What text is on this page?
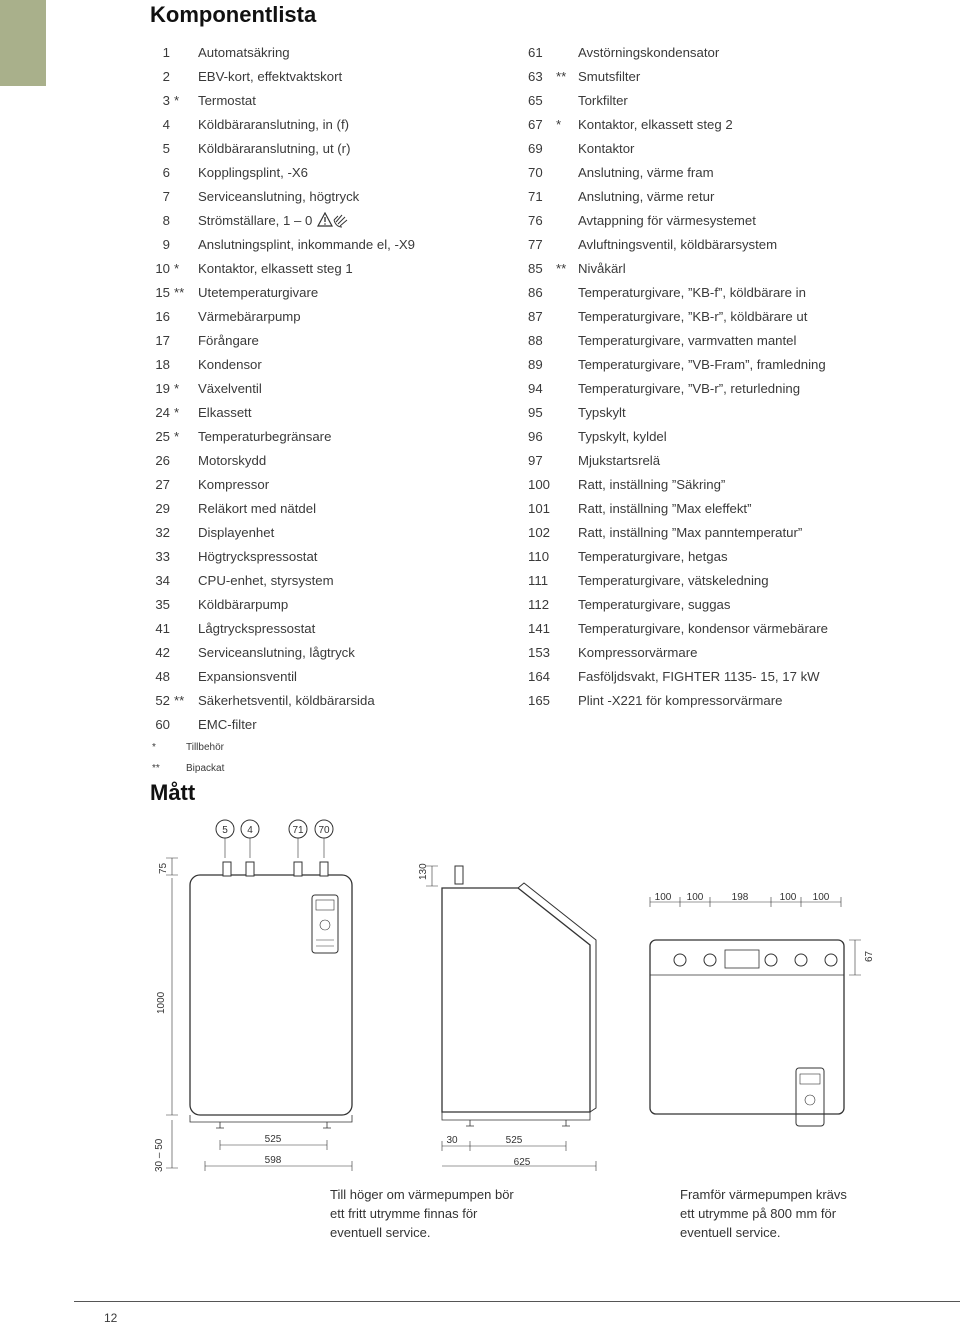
Komponentlista
1 Automatsäkring
2 EBV-kort, effektvaktskort
3 * Termostat
4 Köldbäraranslutning, in (f)
5 Köldbäraranslutning, ut (r)
6 Kopplingsplint, -X6
7 Serviceanslutning, högtryck
8 Strömställare, 1 – 0
9 Anslutningsplint, inkommande el, -X9
10 * Kontaktor, elkassett steg 1
15 ** Utetemperaturgivare
16 Värmebärarpump
17 Förångare
18 Kondensor
19 * Växelventil
24 * Elkassett
25 * Temperaturbegränsare
26 Motorskydd
27 Kompressor
29 Reläkort med nätdel
32 Displayenhet
33 Högtryckspressostat
34 CPU-enhet, styrsystem
35 Köldbärarpump
41 Lågtryckspressostat
42 Serviceanslutning, lågtryck
48 Expansionsventil
52 ** Säkerhetsventil, köldbärarsida
60 EMC-filter
61	Avstörningskondensator
63 ** Smutsfilter
65	Torkfilter
67 * Kontaktor, elkassett steg 2
69	Kontaktor
70	Anslutning, värme fram
71	Anslutning, värme retur
76	Avtappning för värmesystemet
77	Avluftningsventil, köldbärarsystem
85 ** Nivåkärl
86	Temperaturgivare, ”KB-f”, köldbärare in
87	Temperaturgivare, ”KB-r”, köldbärare ut
88	Temperaturgivare, varmvatten mantel
89	Temperaturgivare, ”VB-Fram”, framledning
94	Temperaturgivare, ”VB-r”, returledning
95	Typskylt
96	Typskylt, kyldel
97	Mjukstartsrelä
100 Ratt, inställning ”Säkring”
101 Ratt, inställning ”Max eleffekt”
102 Ratt, inställning ”Max panntemperatur”
110 Temperaturgivare, hetgas
111 Temperaturgivare, vätskeledning
112 Temperaturgivare, suggas
141 Temperaturgivare, kondensor värmebärare
153 Kompressorvärmare
164 Fasföljdsvakt, FIGHTER 1135- 15, 17 kW
165 Plint -X221 för kompressorvärmare
*	Tillbehör
**	Bipackat
Mått
5 4	71 70
75
1000
30 – 50	525
598
130
30	525
625
100 100	198	100 100
67
Till höger om värmepumpen bör ett fritt utrymme finnas för eventuell service.
Framför värmepumpen krävs ett utrymme på 800 mm för eventuell service.
12
